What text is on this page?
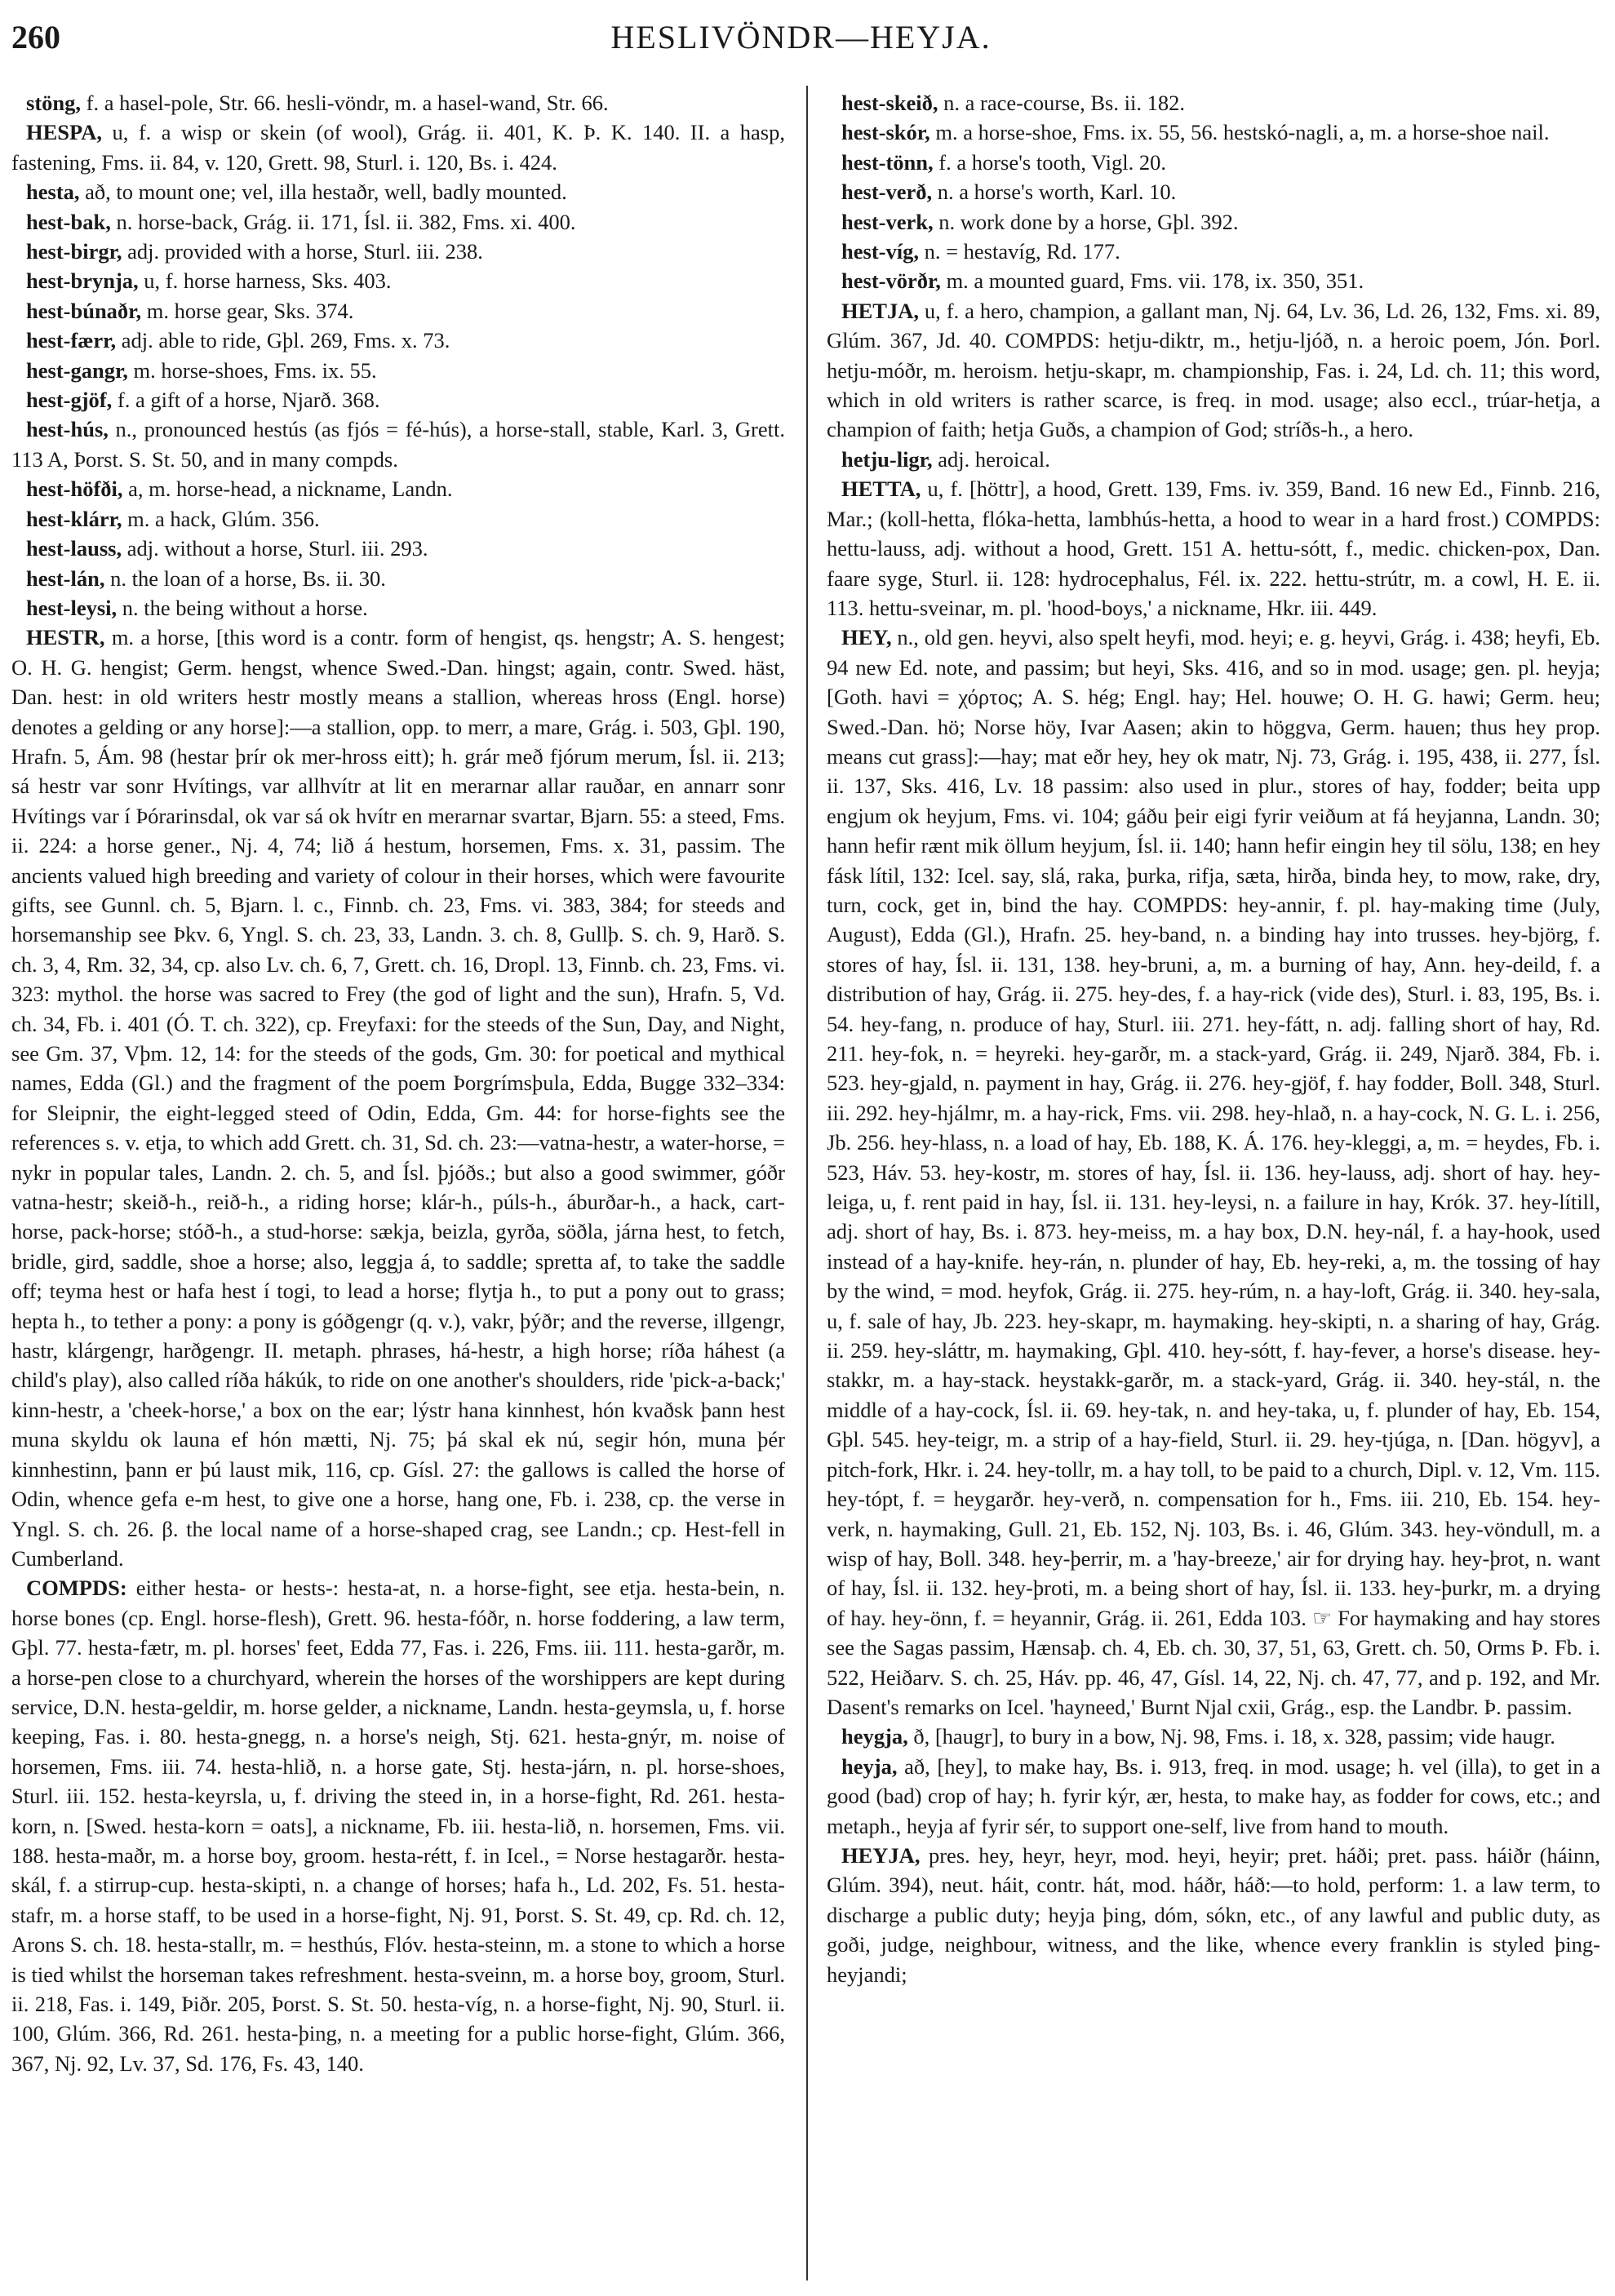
260	HESLIVÖNDR—HEYJA.

stöng, f. a hasel-pole, Str. 66. hesli-vöndr, m. a hasel-wand, Str. 66.

HESPA, u, f. a wisp or skein (of wool), Grág. ii. 401, K. Þ. K. 140. II. a hasp, fastening, Fms. ii. 84, v. 120, Grett. 98, Sturl. i. 120, Bs. i. 424.

hesta, að, to mount one; vel, illa hestaðr, well, badly mounted.

hest-bak, n. horse-back, Grág. ii. 171, Ísl. ii. 382, Fms. xi. 400.

hest-birgr, adj. provided with a horse, Sturl. iii. 238.

hest-brynja, u, f. horse harness, Sks. 403.

hest-búnaðr, m. horse gear, Sks. 374.

hest-færr, adj. able to ride, Gþl. 269, Fms. x. 73.

hest-gangr, m. horse-shoes, Fms. ix. 55.

hest-gjöf, f. a gift of a horse, Njarð. 368.

hest-hús, n., pronounced hestús (as fjós = fé-hús), a horse-stall, stable, Karl. 3, Grett. 113 A, Þorst. S. St. 50, and in many compds.

hest-höfði, a, m. horse-head, a nickname, Landn.

hest-klárr, m. a hack, Glúm. 356.

hest-lauss, adj. without a horse, Sturl. iii. 293.

hest-lán, n. the loan of a horse, Bs. ii. 30.

hest-leysi, n. the being without a horse.

HESTR, m. a horse, [this word is a contr. form of hengist, qs. hengstr; A. S. hengest; O. H. G. hengist; Germ. hengst, whence Swed.-Dan. hingst; again, contr. Swed. häst, Dan. hest: in old writers hestr mostly means a stallion, whereas hross (Engl. horse) denotes a gelding or any horse]:—a stallion, opp. to merr, a mare, Grág. i. 503, Gþl. 190, Hrafn. 5, Ám. 98 (hestar þrír ok mer-hross eitt); h. grár með fjórum merum, Ísl. ii. 213; sá hestr var sonr Hvítings, var allhvítr at lit en merarnar allar rauðar, en annarr sonr Hvítings var í Þórarinsdal, ok var sá ok hvítr en merarnar svartar, Bjarn. 55: a steed, Fms. ii. 224: a horse gener., Nj. 4, 74; lið á hestum, horsemen, Fms. x. 31, passim. The ancients valued high breeding and variety of colour in their horses, which were favourite gifts, see Gunnl. ch. 5, Bjarn. l. c., Finnb. ch. 23, Fms. vi. 383, 384; for steeds and horsemanship see Þkv. 6, Yngl. S. ch. 23, 33, Landn. 3. ch. 8, Gullþ. S. ch. 9, Harð. S. ch. 3, 4, Rm. 32, 34, cp. also Lv. ch. 6, 7, Grett. ch. 16, Dropl. 13, Finnb. ch. 23, Fms. vi. 323: mythol. the horse was sacred to Frey (the god of light and the sun), Hrafn. 5, Vd. ch. 34, Fb. i. 401 (Ó. T. ch. 322), cp. Freyfaxi: for the steeds of the Sun, Day, and Night, see Gm. 37, Vþm. 12, 14: for the steeds of the gods, Gm. 30: for poetical and mythical names, Edda (Gl.) and the fragment of the poem Þorgrímsþula, Edda, Bugge 332–334: for Sleipnir, the eight-legged steed of Odin, Edda, Gm. 44: for horse-fights see the references s. v. etja, to which add Grett. ch. 31, Sd. ch. 23:—vatna-hestr, a water-horse, = nykr in popular tales, Landn. 2. ch. 5, and Ísl. þjóðs.; but also a good swimmer, góðr vatna-hestr; skeið-h., reið-h., a riding horse; klár-h., púls-h., áburðar-h., a hack, cart-horse, pack-horse; stóð-h., a stud-horse: sækja, beizla, gyrða, söðla, járna hest, to fetch, bridle, gird, saddle, shoe a horse; also, leggja á, to saddle; spretta af, to take the saddle off; teyma hest or hafa hest í togi, to lead a horse; flytja h., to put a pony out to grass; hepta h., to tether a pony: a pony is góðgengr (q. v.), vakr, þýðr; and the reverse, illgengr, hastr, klárgengr, harðgengr. II. metaph. phrases, há-hestr, a high horse; ríða háhest (a child's play), also called ríða hákúk, to ride on one another's shoulders, ride 'pick-a-back;' kinn-hestr, a 'cheek-horse,' a box on the ear; lýstr hana kinnhest, hón kvaðsk þann hest muna skyldu ok launa ef hón mætti, Nj. 75; þá skal ek nú, segir hón, muna þér kinnhestinn, þann er þú laust mik, 116, cp. Gísl. 27: the gallows is called the horse of Odin, whence gefa e-m hest, to give one a horse, hang one, Fb. i. 238, cp. the verse in Yngl. S. ch. 26. β. the local name of a horse-shaped crag, see Landn.; cp. Hest-fell in Cumberland.

COMPDS: either hesta- or hests-: hesta-at, n. a horse-fight, see etja. hesta-bein, n. horse bones (cp. Engl. horse-flesh), Grett. 96. hesta-fóðr, n. horse foddering, a law term, Gþl. 77. hesta-fætr, m. pl. horses' feet, Edda 77, Fas. i. 226, Fms. iii. 111. hesta-garðr, m. a horse-pen close to a churchyard, wherein the horses of the worshippers are kept during service, D.N. hesta-geldir, m. horse gelder, a nickname, Landn. hesta-geymsla, u, f. horse keeping, Fas. i. 80. hesta-gnegg, n. a horse's neigh, Stj. 621. hesta-gnýr, m. noise of horsemen, Fms. iii. 74. hesta-hlið, n. a horse gate, Stj. hesta-járn, n. pl. horse-shoes, Sturl. iii. 152. hesta-keyrsla, u, f. driving the steed in, in a horse-fight, Rd. 261. hesta-korn, n. [Swed. hesta-korn = oats], a nickname, Fb. iii. hesta-lið, n. horsemen, Fms. vii. 188. hesta-maðr, m. a horse boy, groom. hesta-rétt, f. in Icel., = Norse hestagarðr. hesta-skál, f. a stirrup-cup. hesta-skipti, n. a change of horses; hafa h., Ld. 202, Fs. 51. hesta-stafr, m. a horse staff, to be used in a horse-fight, Nj. 91, Þorst. S. St. 49, cp. Rd. ch. 12, Arons S. ch. 18. hesta-stallr, m. = hesthús, Flóv. hesta-steinn, m. a stone to which a horse is tied whilst the horseman takes refreshment. hesta-sveinn, m. a horse boy, groom, Sturl. ii. 218, Fas. i. 149, Þiðr. 205, Þorst. S. St. 50. hesta-víg, n. a horse-fight, Nj. 90, Sturl. ii. 100, Glúm. 366, Rd. 261. hesta-þing, n. a meeting for a public horse-fight, Glúm. 366, 367, Nj. 92, Lv. 37, Sd. 176, Fs. 43, 140.

hest-skeið, n. a race-course, Bs. ii. 182.

hest-skór, m. a horse-shoe, Fms. ix. 55, 56. hestskó-nagli, a, m. a horse-shoe nail.

hest-tönn, f. a horse's tooth, Vigl. 20.

hest-verð, n. a horse's worth, Karl. 10.

hest-verk, n. work done by a horse, Gþl. 392.

hest-víg, n. = hestavíg, Rd. 177.

hest-vörðr, m. a mounted guard, Fms. vii. 178, ix. 350, 351.

HETJA, u, f. a hero, champion, a gallant man, Nj. 64, Lv. 36, Ld. 26, 132, Fms. xi. 89, Glúm. 367, Jd. 40. COMPDS: hetju-diktr, m., hetju-ljóð, n. a heroic poem, Jón. Þorl. hetju-móðr, m. heroism. hetju-skapr, m. championship, Fas. i. 24, Ld. ch. 11; this word, which in old writers is rather scarce, is freq. in mod. usage; also eccl., trúar-hetja, a champion of faith; hetja Guðs, a champion of God; stríðs-h., a hero.

hetju-ligr, adj. heroical.

HETTA, u, f. [höttr], a hood, Grett. 139, Fms. iv. 359, Band. 16 new Ed., Finnb. 216, Mar.; (koll-hetta, flóka-hetta, lambhús-hetta, a hood to wear in a hard frost.) COMPDS: hettu-lauss, adj. without a hood, Grett. 151 A. hettu-sótt, f., medic. chicken-pox, Dan. faare syge, Sturl. ii. 128: hydrocephalus, Fél. ix. 222. hettu-strútr, m. a cowl, H. E. ii. 113. hettu-sveinar, m. pl. 'hood-boys,' a nickname, Hkr. iii. 449.

HEY, n., old gen. heyvi, also spelt heyfi, mod. heyi; e. g. heyvi, Grág. i. 438; heyfi, Eb. 94 new Ed. note, and passim; but heyi, Sks. 416, and so in mod. usage; gen. pl. heyja; [Goth. havi = χόρτος; A. S. hég; Engl. hay; Hel. houwe; O. H. G. hawi; Germ. heu; Swed.-Dan. hö; Norse höy, Ivar Aasen; akin to höggva, Germ. hauen; thus hey prop. means cut grass]:—hay; mat eðr hey, hey ok matr, Nj. 73, Grág. i. 195, 438, ii. 277, Ísl. ii. 137, Sks. 416, Lv. 18 passim: also used in plur., stores of hay, fodder; beita upp engjum ok heyjum, Fms. vi. 104; gáðu þeir eigi fyrir veiðum at fá heyjanna, Landn. 30; hann hefir rænt mik öllum heyjum, Ísl. ii. 140; hann hefir eingin hey til sölu, 138; en hey fásk lítil, 132: Icel. say, slá, raka, þurka, rifja, sæta, hirða, binda hey, to mow, rake, dry, turn, cock, get in, bind the hay. COMPDS: hey-annir, f. pl. hay-making time (July, August), Edda (Gl.), Hrafn. 25. hey-band, n. a binding hay into trusses. hey-björg, f. stores of hay, Ísl. ii. 131, 138. hey-bruni, a, m. a burning of hay, Ann. hey-deild, f. a distribution of hay, Grág. ii. 275. hey-des, f. a hay-rick (vide des), Sturl. i. 83, 195, Bs. i. 54. hey-fang, n. produce of hay, Sturl. iii. 271. hey-fátt, n. adj. falling short of hay, Rd. 211. hey-fok, n. = heyreki. hey-garðr, m. a stack-yard, Grág. ii. 249, Njarð. 384, Fb. i. 523. hey-gjald, n. payment in hay, Grág. ii. 276. hey-gjöf, f. hay fodder, Boll. 348, Sturl. iii. 292. hey-hjálmr, m. a hay-rick, Fms. vii. 298. hey-hlað, n. a hay-cock, N. G. L. i. 256, Jb. 256. hey-hlass, n. a load of hay, Eb. 188, K. Á. 176. hey-kleggi, a, m. = heydes, Fb. i. 523, Háv. 53. hey-kostr, m. stores of hay, Ísl. ii. 136. hey-lauss, adj. short of hay. hey-leiga, u, f. rent paid in hay, Ísl. ii. 131. hey-leysi, n. a failure in hay, Krók. 37. hey-lítill, adj. short of hay, Bs. i. 873. hey-meiss, m. a hay box, D.N. hey-nál, f. a hay-hook, used instead of a hay-knife. hey-rán, n. plunder of hay, Eb. hey-reki, a, m. the tossing of hay by the wind, = mod. heyfok, Grág. ii. 275. hey-rúm, n. a hay-loft, Grág. ii. 340. hey-sala, u, f. sale of hay, Jb. 223. hey-skapr, m. haymaking. hey-skipti, n. a sharing of hay, Grág. ii. 259. hey-sláttr, m. haymaking, Gþl. 410. hey-sótt, f. hay-fever, a horse's disease. hey-stakkr, m. a hay-stack. heystakk-garðr, m. a stack-yard, Grág. ii. 340. hey-stál, n. the middle of a hay-cock, Ísl. ii. 69. hey-tak, n. and hey-taka, u, f. plunder of hay, Eb. 154, Gþl. 545. hey-teigr, m. a strip of a hay-field, Sturl. ii. 29. hey-tjúga, n. [Dan. högyv], a pitch-fork, Hkr. i. 24. hey-tollr, m. a hay toll, to be paid to a church, Dipl. v. 12, Vm. 115. hey-tópt, f. = heygarðr. hey-verð, n. compensation for h., Fms. iii. 210, Eb. 154. hey-verk, n. haymaking, Gull. 21, Eb. 152, Nj. 103, Bs. i. 46, Glúm. 343. hey-vöndull, m. a wisp of hay, Boll. 348. hey-þerrir, m. a 'hay-breeze,' air for drying hay. hey-þrot, n. want of hay, Ísl. ii. 132. hey-þroti, m. a being short of hay, Ísl. ii. 133. hey-þurkr, m. a drying of hay. hey-önn, f. = heyannir, Grág. ii. 261, Edda 103. ☞ For haymaking and hay stores see the Sagas passim, Hænsaþ. ch. 4, Eb. ch. 30, 37, 51, 63, Grett. ch. 50, Orms Þ. Fb. i. 522, Heiðarv. S. ch. 25, Háv. pp. 46, 47, Gísl. 14, 22, Nj. ch. 47, 77, and p. 192, and Mr. Dasent's remarks on Icel. 'hayneed,' Burnt Njal cxii, Grág., esp. the Landbr. Þ. passim.

heygja, ð, [haugr], to bury in a bow, Nj. 98, Fms. i. 18, x. 328, passim; vide haugr.

heyja, að, [hey], to make hay, Bs. i. 913, freq. in mod. usage; h. vel (illa), to get in a good (bad) crop of hay; h. fyrir kýr, ær, hesta, to make hay, as fodder for cows, etc.; and metaph., heyja af fyrir sér, to support one-self, live from hand to mouth.

HEYJA, pres. hey, heyr, heyr, mod. heyi, heyir; pret. háði; pret. pass. háiðr (háinn, Glúm. 394), neut. háit, contr. hát, mod. háðr, háð:—to hold, perform: 1. a law term, to discharge a public duty; heyja þing, dóm, sókn, etc., of any lawful and public duty, as goði, judge, neighbour, witness, and the like, whence every franklin is styled þing-heyjandi;
